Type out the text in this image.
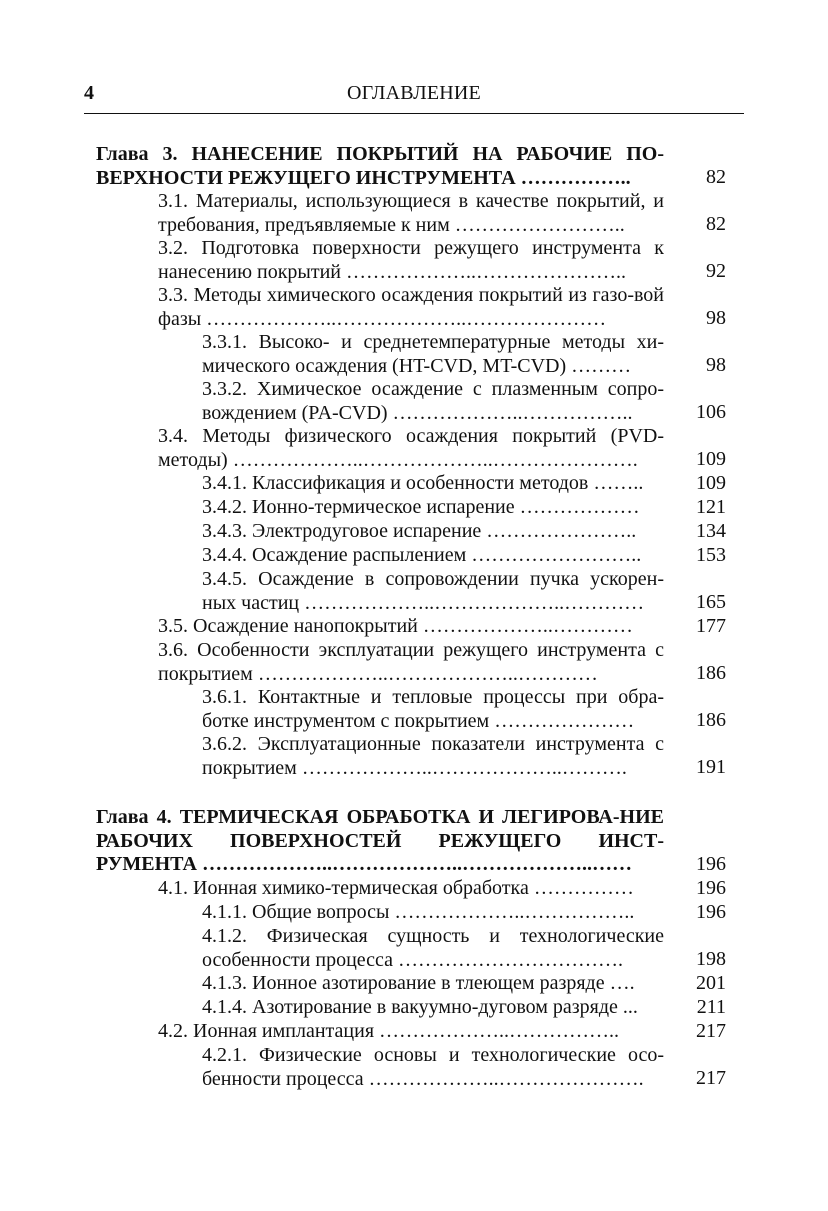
4	ОГЛАВЛЕНИЕ
Глава 3. НАНЕСЕНИЕ ПОКРЫТИЙ НА РАБОЧИЕ ПО-ВЕРХНОСТИ РЕЖУЩЕГО ИНСТРУМЕНТА ……………..	82
3.1. Материалы, использующиеся в качестве покрытий, и требования, предъявляемые к ним ……………………..	82
3.2. Подготовка поверхности режущего инструмента к нанесению покрытий ………………..…………………..	92
3.3. Методы химического осаждения покрытий из газо-вой фазы ………………..………………..…………………	98
3.3.1. Высоко- и среднетемпературные методы хи-мического осаждения (HT-CVD, MT-CVD) ………	98
3.3.2. Химическое осаждение с плазменным сопро-вождением (PA-CVD) ………………..……………..	106
3.4. Методы физического осаждения покрытий (PVD-методы) ………………..………………..………………….	109
3.4.1. Классификация и особенности методов ……..	109
3.4.2. Ионно-термическое испарение ………………	121
3.4.3. Электродуговое испарение …………………..	134
3.4.4. Осаждение распылением ……………………..	153
3.4.5. Осаждение в сопровождении пучка ускорен-ных частиц ………………..………………..…………	165
3.5. Осаждение нанопокрытий ………………..…………	177
3.6. Особенности эксплуатации режущего инструмента с покрытием ………………..………………..…………	186
3.6.1. Контактные и тепловые процессы при обра-ботке инструментом с покрытием …………………	186
3.6.2. Эксплуатационные показатели инструмента с покрытием ………………..………………..……….	191
Глава 4. ТЕРМИЧЕСКАЯ ОБРАБОТКА И ЛЕГИРОВА-НИЕ РАБОЧИХ ПОВЕРХНОСТЕЙ РЕЖУЩЕГО ИНСТ-РУМЕНТА ………………..………………..………………..……	196
4.1. Ионная химико-термическая обработка ……………	196
4.1.1. Общие вопросы ………………..……………..	196
4.1.2. Физическая сущность и технологические особенности процесса …………………………….	198
4.1.3. Ионное азотирование в тлеющем разряде ….	201
4.1.4. Азотирование в вакуумно-дуговом разряде ...	211
4.2. Ионная имплантация ………………..……………..	217
4.2.1. Физические основы и технологические осо-бенности процесса ………………..………………….	217
